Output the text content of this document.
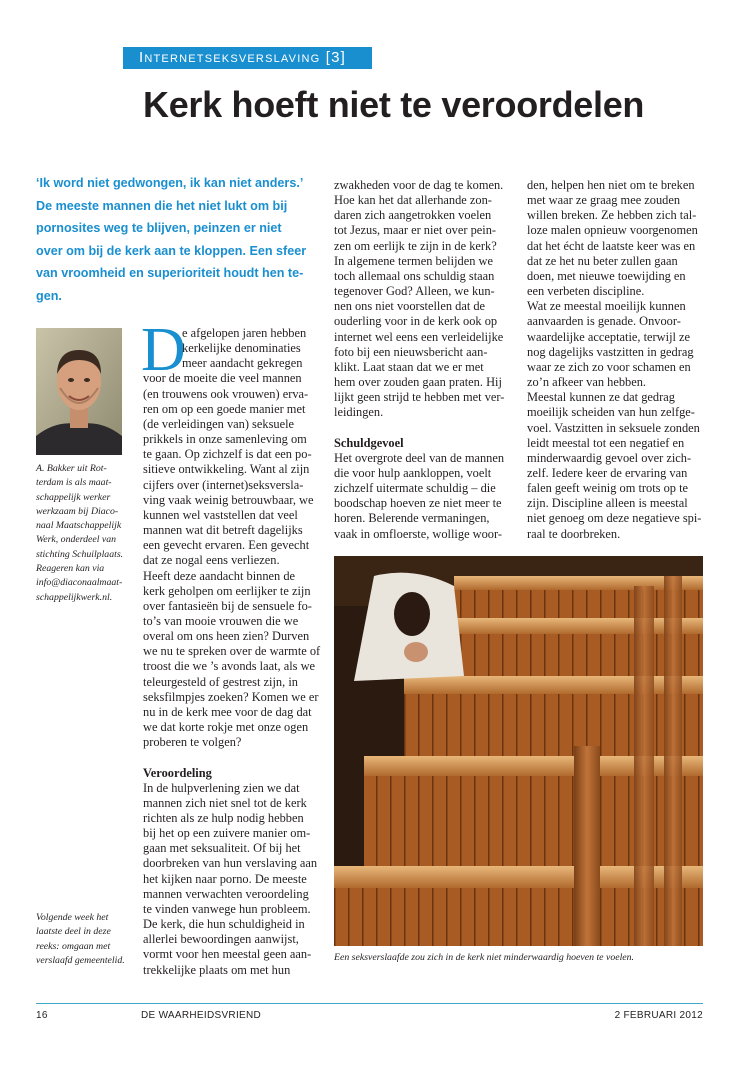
Internetseksverslaving [3]
Kerk hoeft niet te veroordelen
‘Ik word niet gedwongen, ik kan niet anders.’
De meeste mannen die het niet lukt om bij
pornosites weg te blijven, peinzen er niet
over om bij de kerk aan te kloppen. Een sfeer
van vroomheid en superioriteit houdt hen te-
gen.
A. Bakker uit Rot-
terdam is als maat-
schappelijk werker
werkzaam bij Diaco-
naal Maatschappelijk
Werk, onderdeel van
stichting Schuilplaats.
Reageren kan via
info@diaconaalmaat-
schappelijkwerk.nl.
Volgende week het
laatste deel in deze
reeks: omgaan met
verslaafd gemeentelid.
D
e afgelopen jaren hebben
kerkelijke denominaties
meer aandacht gekregen
voor de moeite die veel mannen
(en trouwens ook vrouwen) erva-
ren om op een goede manier met
(de verleidingen van) seksuele
prikkels in onze samenleving om
te gaan. Op zichzelf is dat een po-
sitieve ontwikkeling. Want al zijn
cijfers over (internet)seksversla-
ving vaak weinig betrouwbaar, we
kunnen wel vaststellen dat veel
mannen wat dit betreft dagelijks
een gevecht ervaren. Een gevecht
dat ze nogal eens verliezen.
Heeft deze aandacht binnen de
kerk geholpen om eerlijker te zijn
over fantasieën bij de sensuele fo-
to’s van mooie vrouwen die we
overal om ons heen zien? Durven
we nu te spreken over de warmte of
troost die we ’s avonds laat, als we
teleurgesteld of gestrest zijn, in
seksfilmpjes zoeken? Komen we er
nu in de kerk mee voor de dag dat
we dat korte rokje met onze ogen
proberen te volgen?
Veroordeling
In de hulpverlening zien we dat
mannen zich niet snel tot de kerk
richten als ze hulp nodig hebben
bij het op een zuivere manier om-
gaan met seksualiteit. Of bij het
doorbreken van hun verslaving aan
het kijken naar porno. De meeste
mannen verwachten veroordeling
te vinden vanwege hun probleem.
De kerk, die hun schuldigheid in
allerlei bewoordingen aanwijst,
vormt voor hen meestal geen aan-
trekkelijke plaats om met hun
zwakheden voor de dag te komen.
Hoe kan het dat allerhande zon-
daren zich aangetrokken voelen
tot Jezus, maar er niet over pein-
zen om eerlijk te zijn in de kerk?
In algemene termen belijden we
toch allemaal ons schuldig staan
tegenover God? Alleen, we kun-
nen ons niet voorstellen dat de
ouderling voor in de kerk ook op
internet wel eens een verleidelijke
foto bij een nieuwsbericht aan-
klikt. Laat staan dat we er met
hem over zouden gaan praten. Hij
lijkt geen strijd te hebben met ver-
leidingen.
Schuldgevoel
Het overgrote deel van de mannen
die voor hulp aankloppen, voelt
zichzelf uitermate schuldig – die
boodschap hoeven ze niet meer te
horen. Belerende vermaningen,
vaak in omfloerste, wollige woor-
den, helpen hen niet om te breken
met waar ze graag mee zouden
willen breken. Ze hebben zich tal-
loze malen opnieuw voorgenomen
dat het écht de laatste keer was en
dat ze het nu beter zullen gaan
doen, met nieuwe toewijding en
een verbeten discipline.
Wat ze meestal moeilijk kunnen
aanvaarden is genade. Onvoor-
waardelijke acceptatie, terwijl ze
nog dagelijks vastzitten in gedrag
waar ze zich zo voor schamen en
zo’n afkeer van hebben.
Meestal kunnen ze dat gedrag
moeilijk scheiden van hun zelfge-
voel. Vastzitten in seksuele zonden
leidt meestal tot een negatief en
minderwaardig gevoel over zich-
zelf. Iedere keer de ervaring van
falen geeft weinig om trots op te
zijn. Discipline alleen is meestal
niet genoeg om deze negatieve spi-
raal te doorbreken.
Een seksverslaafde zou zich in de kerk niet minderwaardig hoeven te voelen.
16	DE WAARHEIDSVRIEND	2 FEBRUARI 2012
